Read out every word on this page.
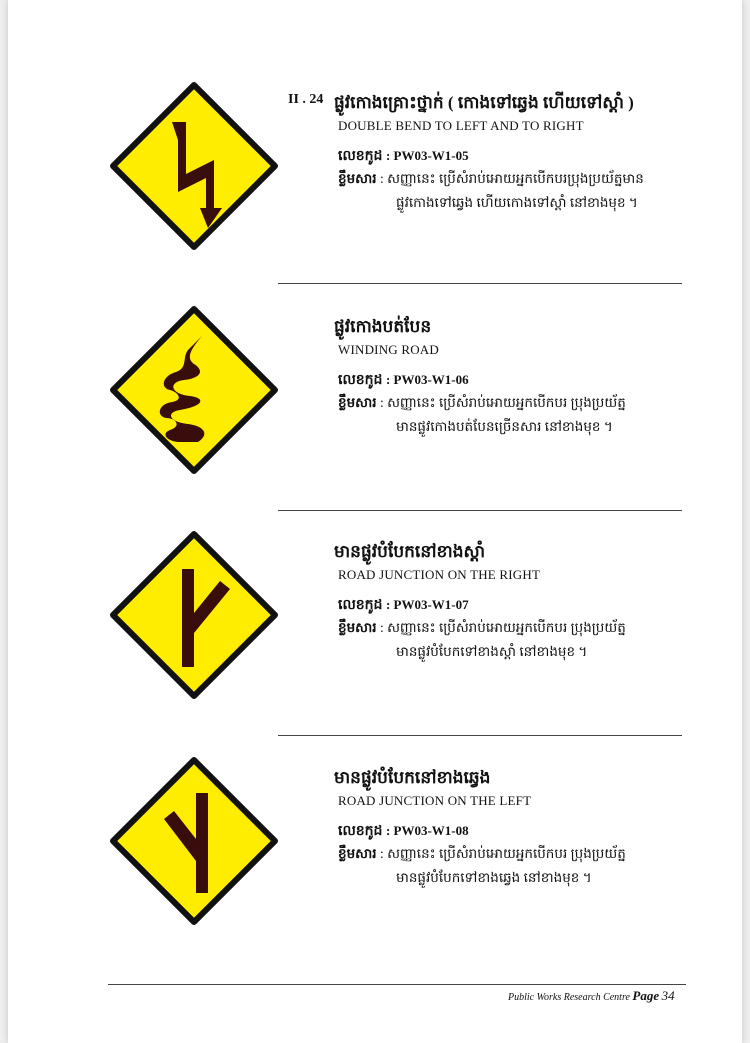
II . 24 ផ្លូវកោងគ្រោះថ្នាក់ ( កោងទៅឆ្វេង ហើយទៅស្តាំ )
DOUBLE BEND TO LEFT AND TO RIGHT
លេខកូដ : PW03-W1-05
ខ្លឹមសារ : សញ្ញានេះ ប្រើសំរាប់អោយអ្នកបើកបរប្រុងប្រយ័ត្នមាន
ផ្លូវកោងទៅឆ្វេង ហើយកោងទៅស្តាំ នៅខាងមុខ ។
ផ្លូវកោងបត់បែន
WINDING ROAD
លេខកូដ : PW03-W1-06
ខ្លឹមសារ : សញ្ញានេះ ប្រើសំរាប់អោយអ្នកបើកបរ ប្រុងប្រយ័ត្ន
មានផ្លូវកោងបត់បែនច្រើនសារ នៅខាងមុខ ។
មានផ្លូវបំបែកនៅខាងស្តាំ
ROAD JUNCTION ON THE RIGHT
លេខកូដ : PW03-W1-07
ខ្លឹមសារ : សញ្ញានេះ ប្រើសំរាប់អោយអ្នកបើកបរ ប្រុងប្រយ័ត្ន
មានផ្លូវបំបែកទៅខាងស្តាំ នៅខាងមុខ ។
មានផ្លូវបំបែកនៅខាងឆ្វេង
ROAD JUNCTION ON THE LEFT
លេខកូដ : PW03-W1-08
ខ្លឹមសារ : សញ្ញានេះ ប្រើសំរាប់អោយអ្នកបើកបរ ប្រុងប្រយ័ត្ន
មានផ្លូវបំបែកទៅខាងឆ្វេង នៅខាងមុខ ។
Public Works Research Centre Page 34
